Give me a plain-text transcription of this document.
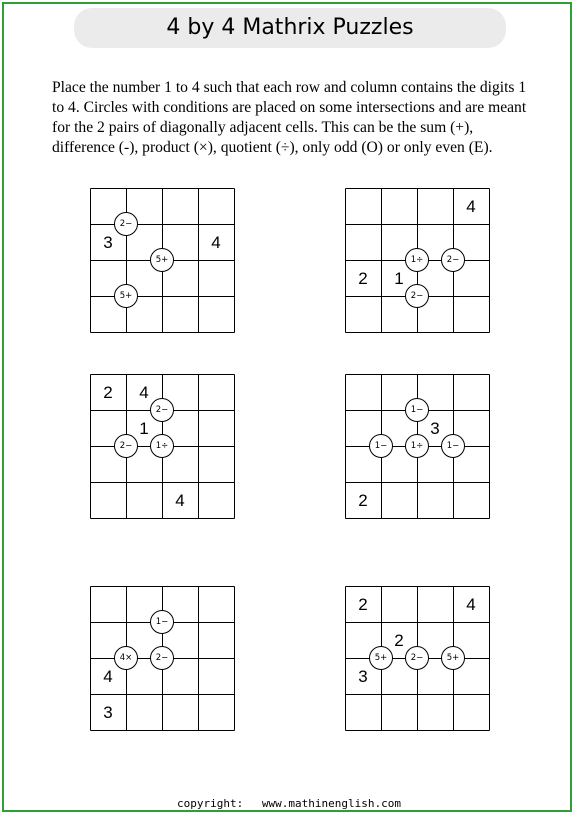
4 by 4 Mathrix Puzzles
Place the number 1 to 4 such that each row and column contains the digits 1 to 4. Circles with conditions are placed on some intersections and are meant for the 2 pairs of diagonally adjacent cells. This can be the sum (+), difference (-), product (×), quotient (÷), only odd (O) or only even (E).
3	4
2−
5+
5+
4
2	1
1÷	2−
2−
2	4
1
4
2−
2−	1÷
3
2
1−
1−	1÷	1−
4
3
1−
4×	2−
2	4
2
3
5+	2−	5+
copyright: www.mathinenglish.com
